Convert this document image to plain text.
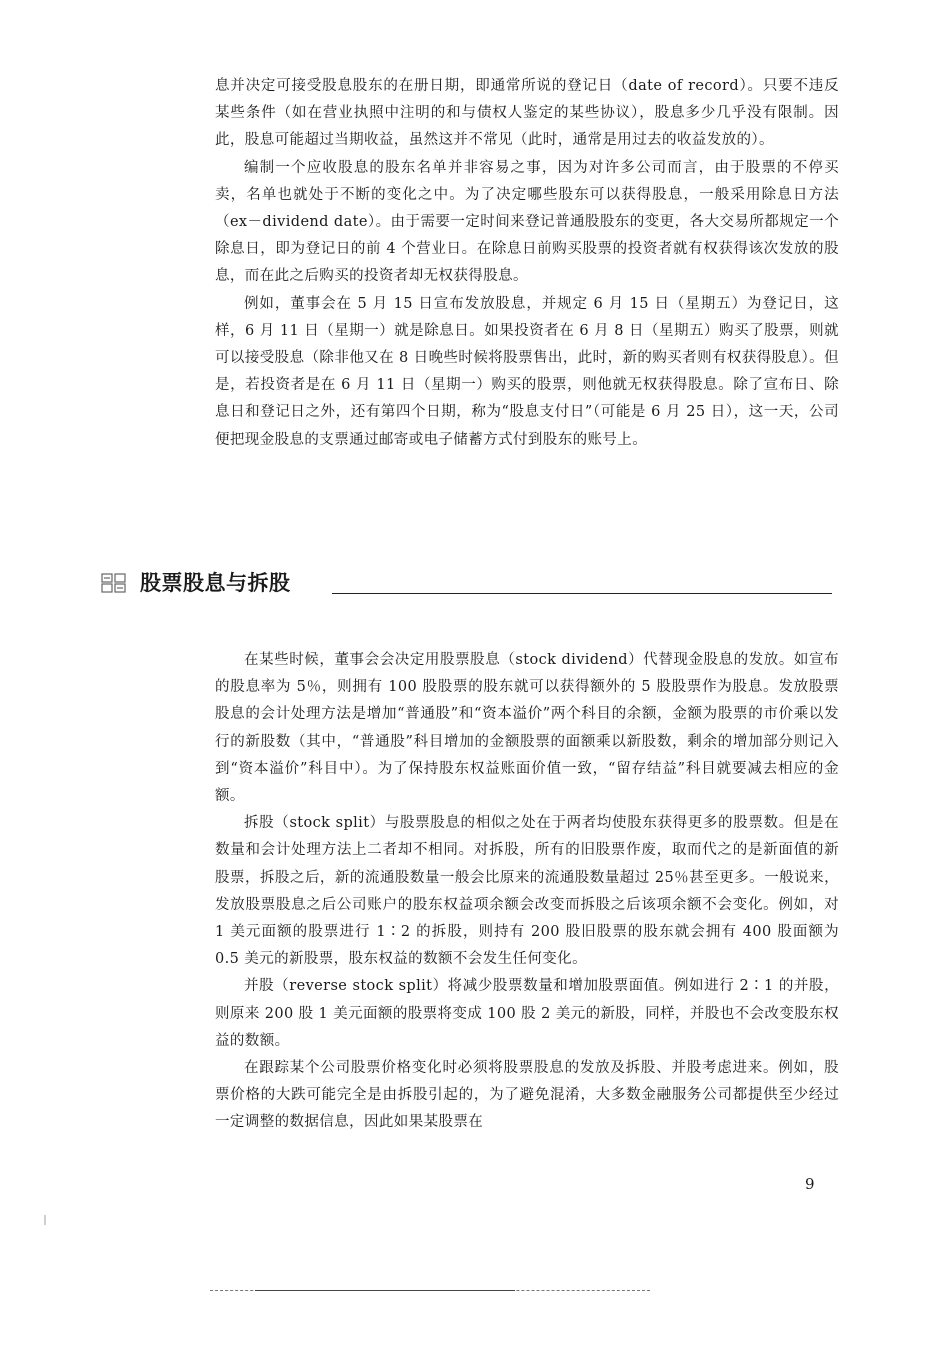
息并决定可接受股息股东的在册日期，即通常所说的登记日（date of record）。只要不违反某些条件（如在营业执照中注明的和与债权人鉴定的某些协议），股息多少几乎没有限制。因此，股息可能超过当期收益，虽然这并不常见（此时，通常是用过去的收益发放的）。

编制一个应收股息的股东名单并非容易之事，因为对许多公司而言，由于股票的不停买卖，名单也就处于不断的变化之中。为了决定哪些股东可以获得股息，一般采用除息日方法（ex－dividend date）。由于需要一定时间来登记普通股股东的变更，各大交易所都规定一个除息日，即为登记日的前 4 个营业日。在除息日前购买股票的投资者就有权获得该次发放的股息，而在此之后购买的投资者却无权获得股息。

例如，董事会在 5 月 15 日宣布发放股息，并规定 6 月 15 日（星期五）为登记日，这样，6 月 11 日（星期一）就是除息日。如果投资者在 6 月 8 日（星期五）购买了股票，则就可以接受股息（除非他又在 8 日晚些时候将股票售出，此时，新的购买者则有权获得股息）。但是，若投资者是在 6 月 11 日（星期一）购买的股票，则他就无权获得股息。除了宣布日、除息日和登记日之外，还有第四个日期，称为“股息支付日”（可能是 6 月 25 日），这一天，公司便把现金股息的支票通过邮寄或电子储蓄方式付到股东的账号上。

股票股息与拆股

在某些时候，董事会会决定用股票股息（stock dividend）代替现金股息的发放。如宣布的股息率为 5％，则拥有 100 股股票的股东就可以获得额外的 5 股股票作为股息。发放股票股息的会计处理方法是增加“普通股”和“资本溢价”两个科目的余额，金额为股票的市价乘以发行的新股数（其中，“普通股”科目增加的金额股票的面额乘以新股数，剩余的增加部分则记入到“资本溢价”科目中）。为了保持股东权益账面价值一致，“留存结益”科目就要减去相应的金额。

拆股（stock split）与股票股息的相似之处在于两者均使股东获得更多的股票数。但是在数量和会计处理方法上二者却不相同。对拆股，所有的旧股票作废，取而代之的是新面值的新股票，拆股之后，新的流通股数量一般会比原来的流通股数量超过 25％甚至更多。一般说来，发放股票股息之后公司账户的股东权益项余额会改变而拆股之后该项余额不会变化。例如，对 1 美元面额的股票进行 1∶2 的拆股，则持有 200 股旧股票的股东就会拥有 400 股面额为 0.5 美元的新股票，股东权益的数额不会发生任何变化。

并股（reverse stock split）将减少股票数量和增加股票面值。例如进行 2∶1 的并股，则原来 200 股 1 美元面额的股票将变成 100 股 2 美元的新股，同样，并股也不会改变股东权益的数额。

在跟踪某个公司股票价格变化时必须将股票股息的发放及拆股、并股考虑进来。例如，股票价格的大跌可能完全是由拆股引起的，为了避免混淆，大多数金融服务公司都提供至少经过一定调整的数据信息，因此如果某股票在

9
